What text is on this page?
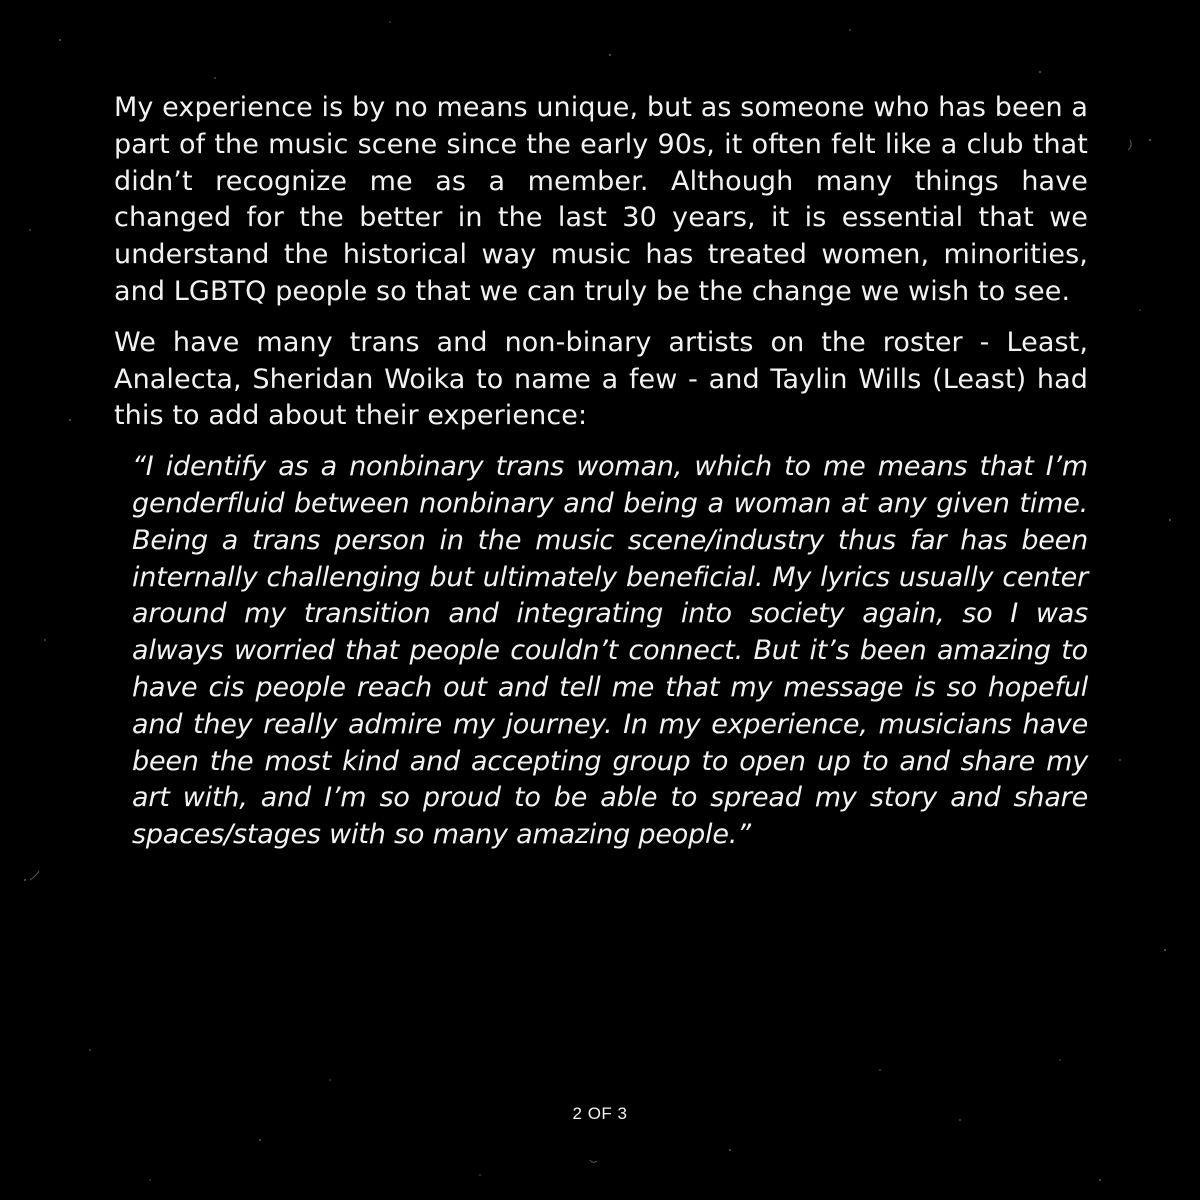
My experience is by no means unique, but as someone who has been a part of the music scene since the early 90s, it often felt like a club that didn’t recognize me as a member. Although many things have changed for the better in the last 30 years, it is essential that we understand the historical way music has treated women, minorities, and LGBTQ people so that we can truly be the change we wish to see.

We have many trans and non-binary artists on the roster - Least, Analecta, Sheridan Woika to name a few - and Taylin Wills (Least) had this to add about their experience:

“I identify as a nonbinary trans woman, which to me means that I’m genderfluid between nonbinary and being a woman at any given time. Being a trans person in the music scene/industry thus far has been internally challenging but ultimately beneficial. My lyrics usually center around my transition and integrating into society again, so I was always worried that people couldn’t connect. But it’s been amazing to have cis people reach out and tell me that my message is so hopeful and they really admire my journey. In my experience, musicians have been the most kind and accepting group to open up to and share my art with, and I’m so proud to be able to spread my story and share spaces/stages with so many amazing people.”

2 OF 3
